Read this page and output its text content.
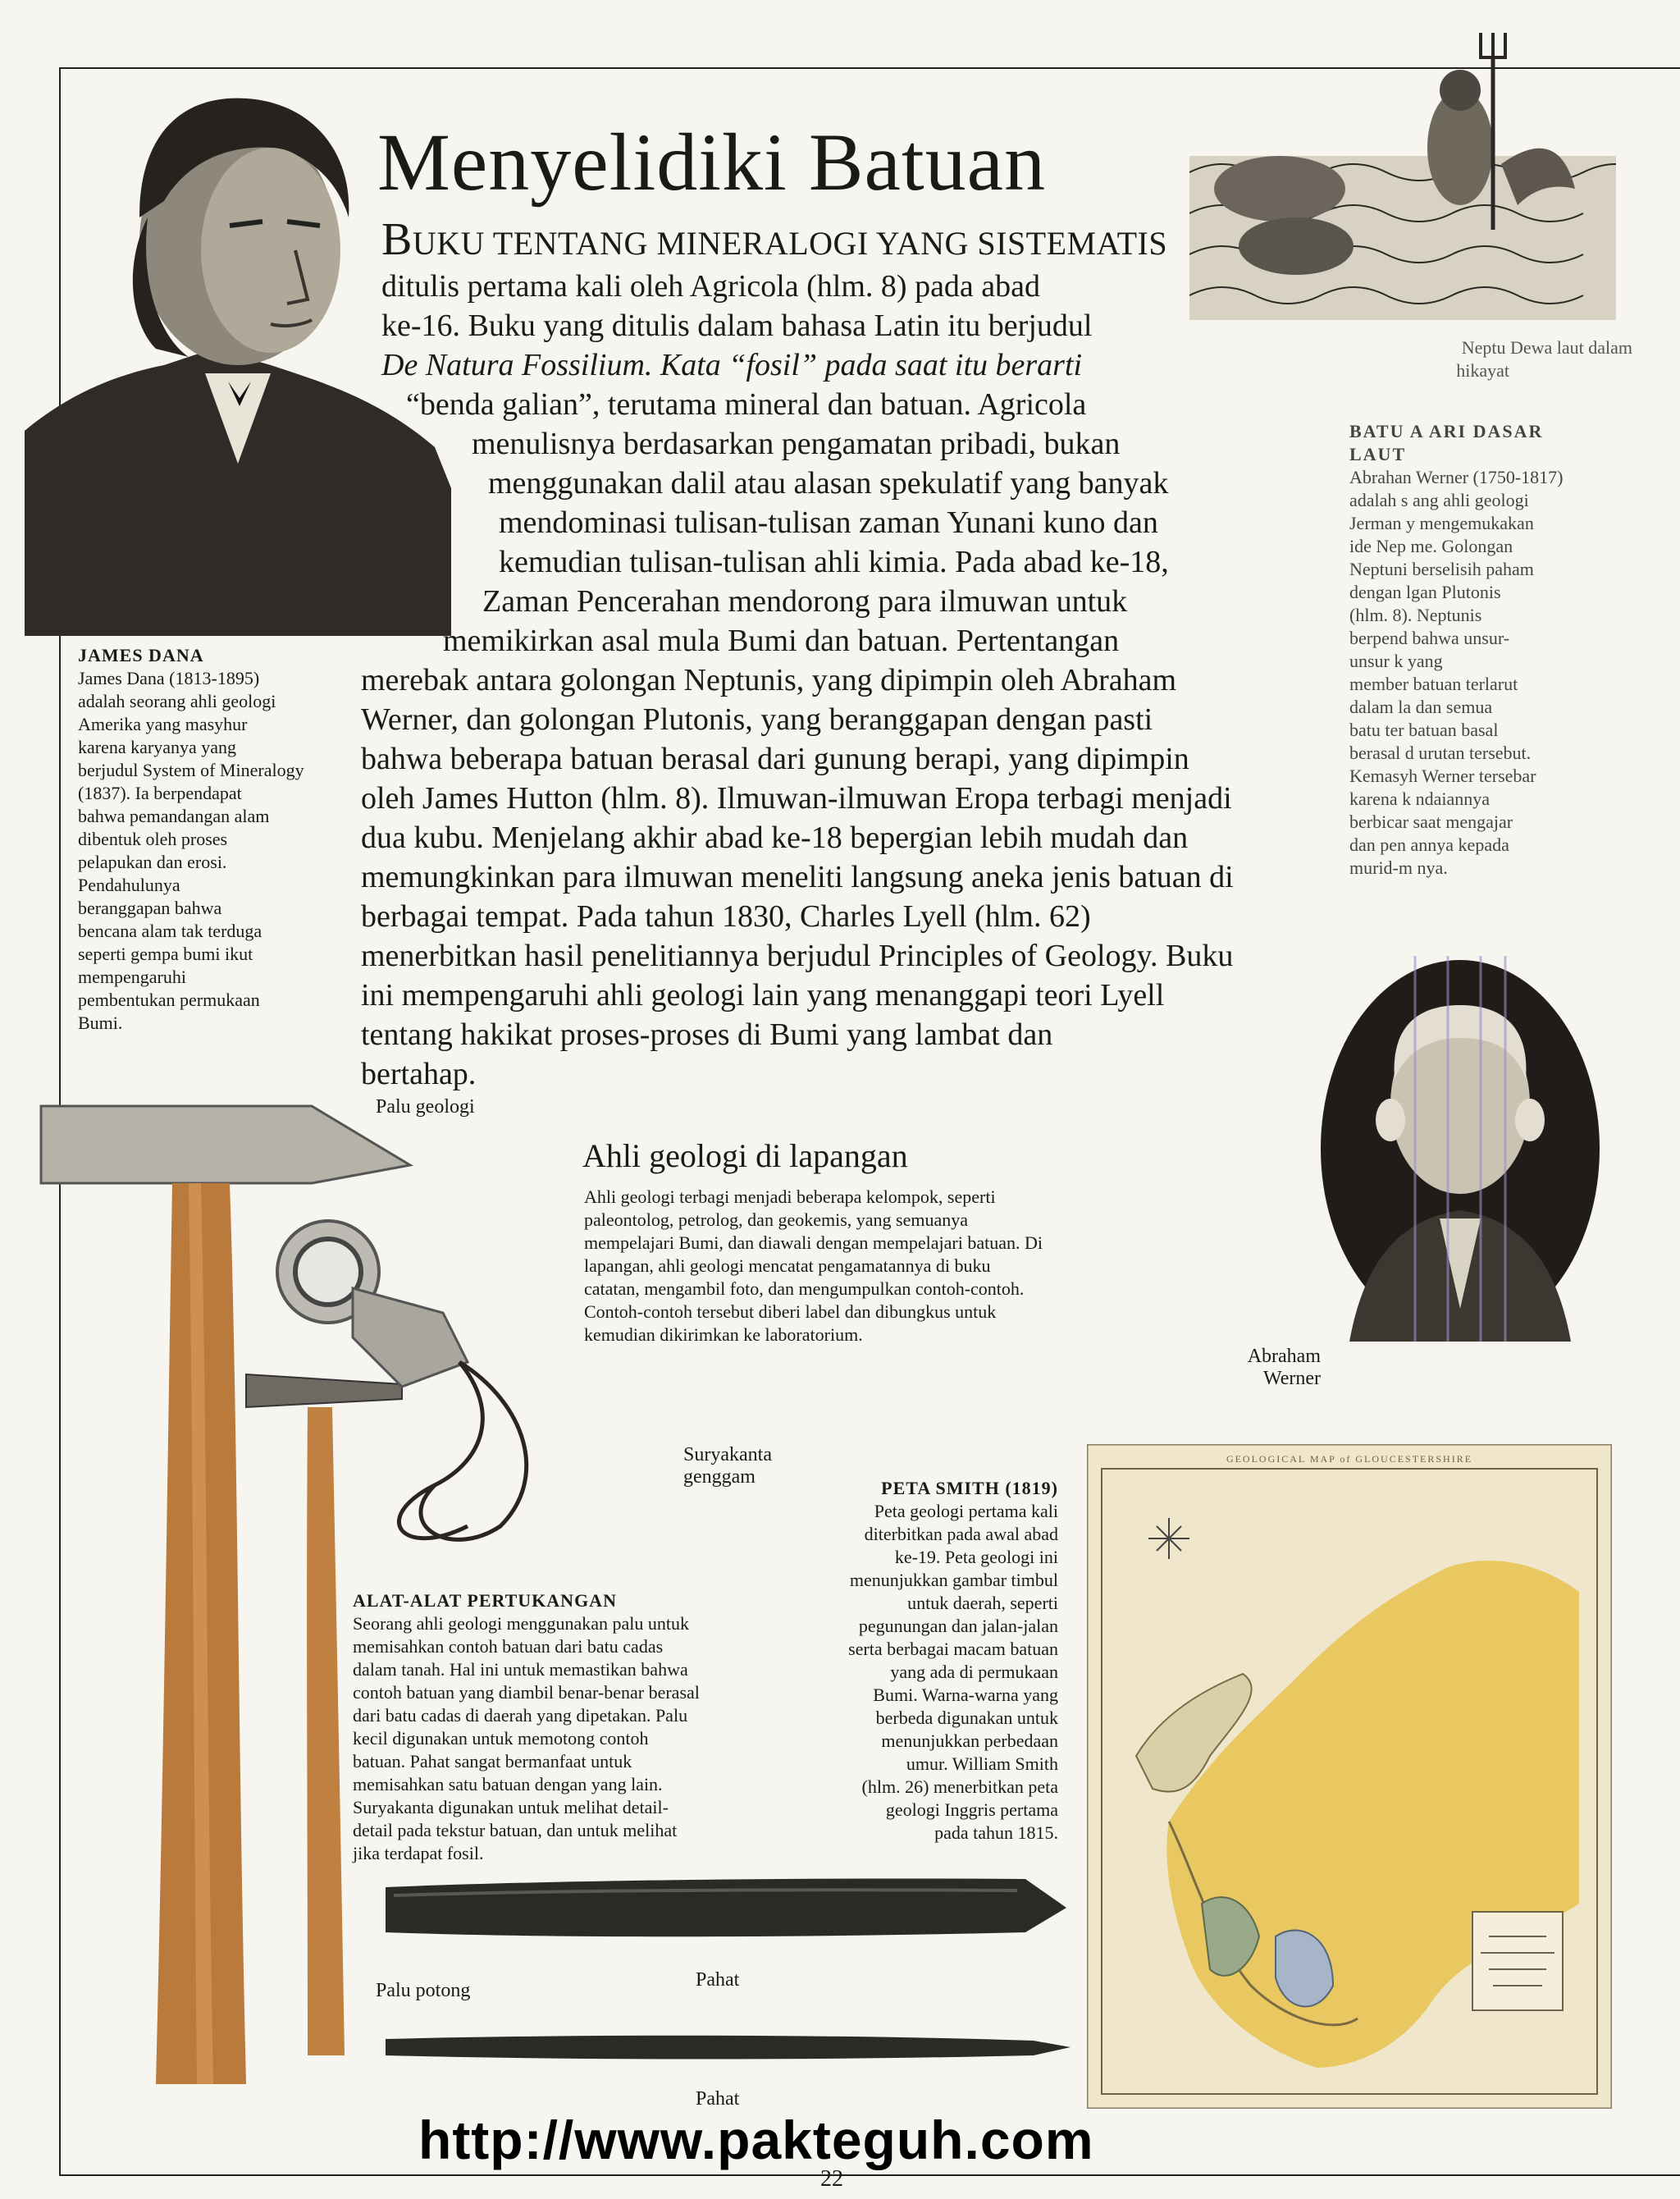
Menyelidiki Batuan
BUKU TENTANG MINERALOGI YANG SISTEMATIS
ditulis pertama kali oleh Agricola (hlm. 8) pada abad
ke-16. Buku yang ditulis dalam bahasa Latin itu berjudul
De Natura Fossilium. Kata “fosil” pada saat itu berarti
“benda galian”, terutama mineral dan batuan. Agricola
menulisnya berdasarkan pengamatan pribadi, bukan
menggunakan dalil atau alasan spekulatif yang banyak
mendominasi tulisan-tulisan zaman Yunani kuno dan
kemudian tulisan-tulisan ahli kimia. Pada abad ke-18,
Zaman Pencerahan mendorong para ilmuwan untuk
memikirkan asal mula Bumi dan batuan. Pertentangan
merebak antara golongan Neptunis, yang dipimpin oleh Abraham
Werner, dan golongan Plutonis, yang beranggapan dengan pasti
bahwa beberapa batuan berasal dari gunung berapi, yang dipimpin
oleh James Hutton (hlm. 8). Ilmuwan-ilmuwan Eropa terbagi menjadi
dua kubu. Menjelang akhir abad ke-18 bepergian lebih mudah dan
memungkinkan para ilmuwan meneliti langsung aneka jenis batuan di
berbagai tempat. Pada tahun 1830, Charles Lyell (hlm. 62)
menerbitkan hasil penelitiannya berjudul Principles of Geology. Buku
ini mempengaruhi ahli geologi lain yang menanggapi teori Lyell
tentang hakikat proses-proses di Bumi yang lambat dan
bertahap.
JAMES DANA
James Dana (1813-1895)
adalah seorang ahli geologi
Amerika yang masyhur
karena karyanya yang
berjudul System of Mineralogy
(1837). Ia berpendapat
bahwa pemandangan alam
dibentuk oleh proses
pelapukan dan erosi.
Pendahulunya
beranggapan bahwa
bencana alam tak terduga
seperti gempa bumi ikut
mempengaruhi
pembentukan permukaan
Bumi.
Neptu Dewa laut dalam
hikayat
BATU A ARI DASAR
LAUT
Abrahan Werner (1750-1817)
adalah s ang ahli geologi
Jerman y mengemukakan
ide Nep me. Golongan
Neptuni berselisih paham
dengan lgan Plutonis
(hlm. 8). Neptunis
berpend bahwa unsur-
unsur k yang
member batuan terlarut
dalam la dan semua
batu ter batuan basal
berasal d urutan tersebut.
Kemasyh Werner tersebar
karena k ndaiannya
berbicar saat mengajar
dan pen annya kepada
murid-m nya.
Abraham
Werner
Palu geologi
Ahli geologi di lapangan
Ahli geologi terbagi menjadi beberapa kelompok, seperti
paleontolog, petrolog, dan geokemis, yang semuanya
mempelajari Bumi, dan diawali dengan mempelajari batuan. Di
lapangan, ahli geologi mencatat pengamatannya di buku
catatan, mengambil foto, dan mengumpulkan contoh-contoh.
Contoh-contoh tersebut diberi label dan dibungkus untuk
kemudian dikirimkan ke laboratorium.
Suryakanta
genggam
ALAT-ALAT PERTUKANGAN
Seorang ahli geologi menggunakan palu untuk
memisahkan contoh batuan dari batu cadas
dalam tanah. Hal ini untuk memastikan bahwa
contoh batuan yang diambil benar-benar berasal
dari batu cadas di daerah yang dipetakan. Palu
kecil digunakan untuk memotong contoh
batuan. Pahat sangat bermanfaat untuk
memisahkan satu batuan dengan yang lain.
Suryakanta digunakan untuk melihat detail-
detail pada tekstur batuan, dan untuk melihat
jika terdapat fosil.
PETA SMITH (1819)
Peta geologi pertama kali
diterbitkan pada awal abad
ke-19. Peta geologi ini
menunjukkan gambar timbul
untuk daerah, seperti
pegunungan dan jalan-jalan
serta berbagai macam batuan
yang ada di permukaan
Bumi. Warna-warna yang
berbeda digunakan untuk
menunjukkan perbedaan
umur. William Smith
(hlm. 26) menerbitkan peta
geologi Inggris pertama
pada tahun 1815.
GEOLOGICAL MAP of GLOUCESTERSHIRE
Palu potong	Pahat
Pahat
http://www.pakteguh.com
22
